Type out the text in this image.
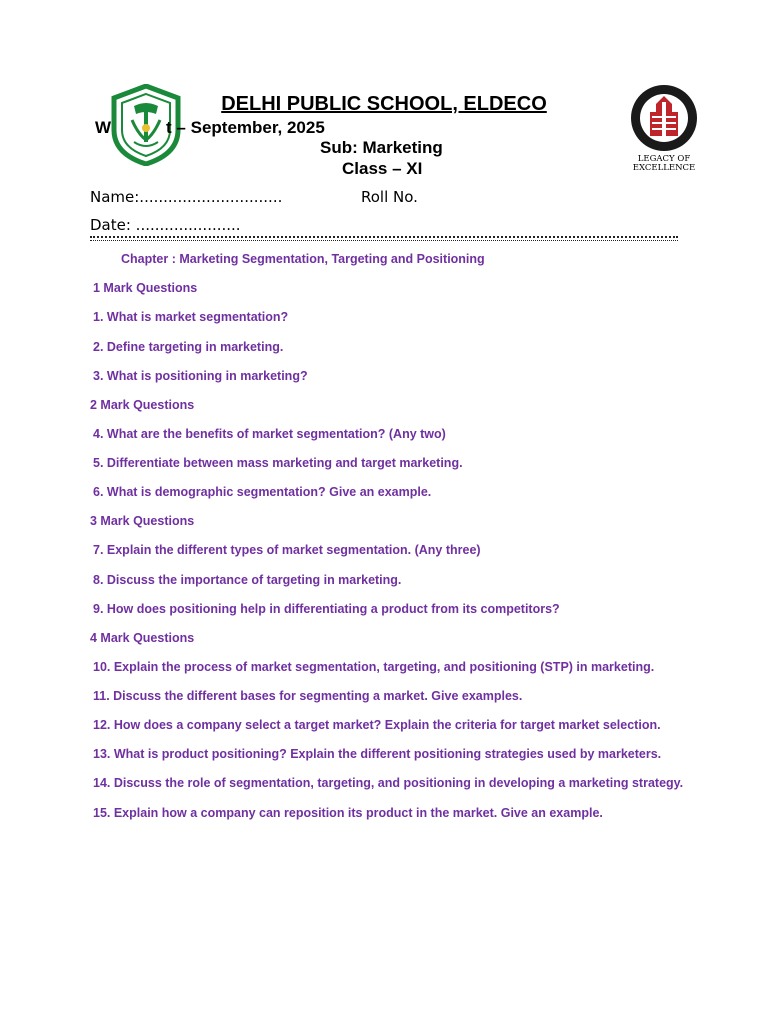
LEGACY OF
EXCELLENCE
DELHI PUBLIC SCHOOL, ELDECO
W	t – September, 2025
Sub: Marketing
Class – XI
Name:..............................	Roll No.
Date: ......................
Chapter : Marketing Segmentation, Targeting and Positioning
1 Mark Questions
1. What is market segmentation?
2. Define targeting in marketing.
3. What is positioning in marketing?
2 Mark Questions
4. What are the benefits of market segmentation? (Any two)
5. Differentiate between mass marketing and target marketing.
6. What is demographic segmentation? Give an example.
3 Mark Questions
7. Explain the different types of market segmentation. (Any three)
8. Discuss the importance of targeting in marketing.
9. How does positioning help in differentiating a product from its competitors?
4 Mark Questions
10. Explain the process of market segmentation, targeting, and positioning (STP) in marketing.
11. Discuss the different bases for segmenting a market. Give examples.
12. How does a company select a target market? Explain the criteria for target market selection.
13. What is product positioning? Explain the different positioning strategies used by marketers.
14. Discuss the role of segmentation, targeting, and positioning in developing a marketing strategy.
15. Explain how a company can reposition its product in the market. Give an example.
